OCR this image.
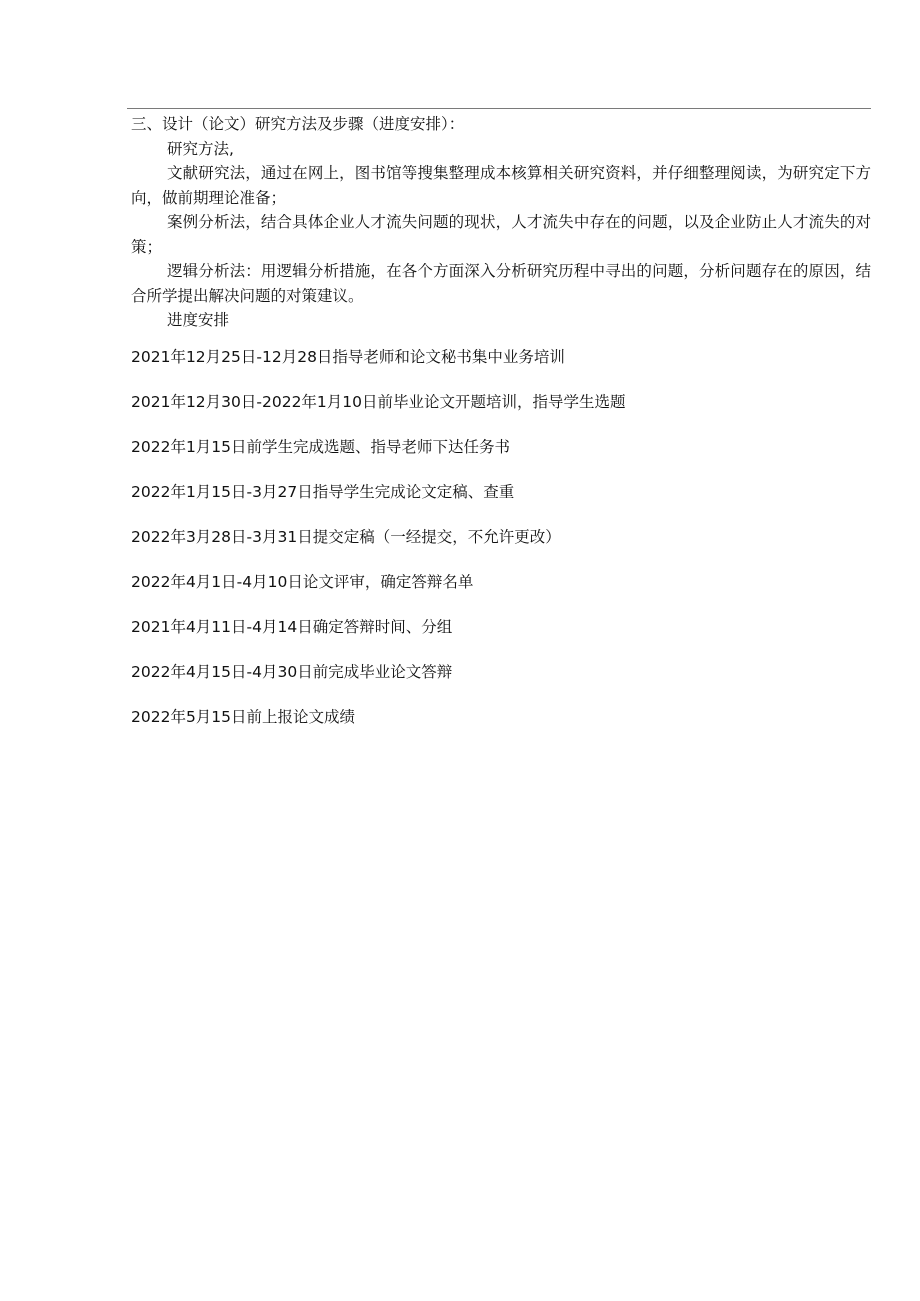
三、设计（论文）研究方法及步骤（进度安排）：

研究方法,

文献研究法，通过在网上，图书馆等搜集整理成本核算相关研究资料，并仔细整理阅读，为研究定下方向，做前期理论准备；

案例分析法，结合具体企业人才流失问题的现状，人才流失中存在的问题，以及企业防止人才流失的对策；

逻辑分析法：用逻辑分析措施，在各个方面深入分析研究历程中寻出的问题，分析问题存在的原因，结合所学提出解决问题的对策建议。

进度安排

2021年12月25日-12月28日指导老师和论文秘书集中业务培训

2021年12月30日-2022年1月10日前毕业论文开题培训，指导学生选题

2022年1月15日前学生完成选题、指导老师下达任务书

2022年1月15日-3月27日指导学生完成论文定稿、查重

2022年3月28日-3月31日提交定稿（一经提交，不允许更改）

2022年4月1日-4月10日论文评审，确定答辩名单

2021年4月11日-4月14日确定答辩时间、分组

2022年4月15日-4月30日前完成毕业论文答辩

2022年5月15日前上报论文成绩
